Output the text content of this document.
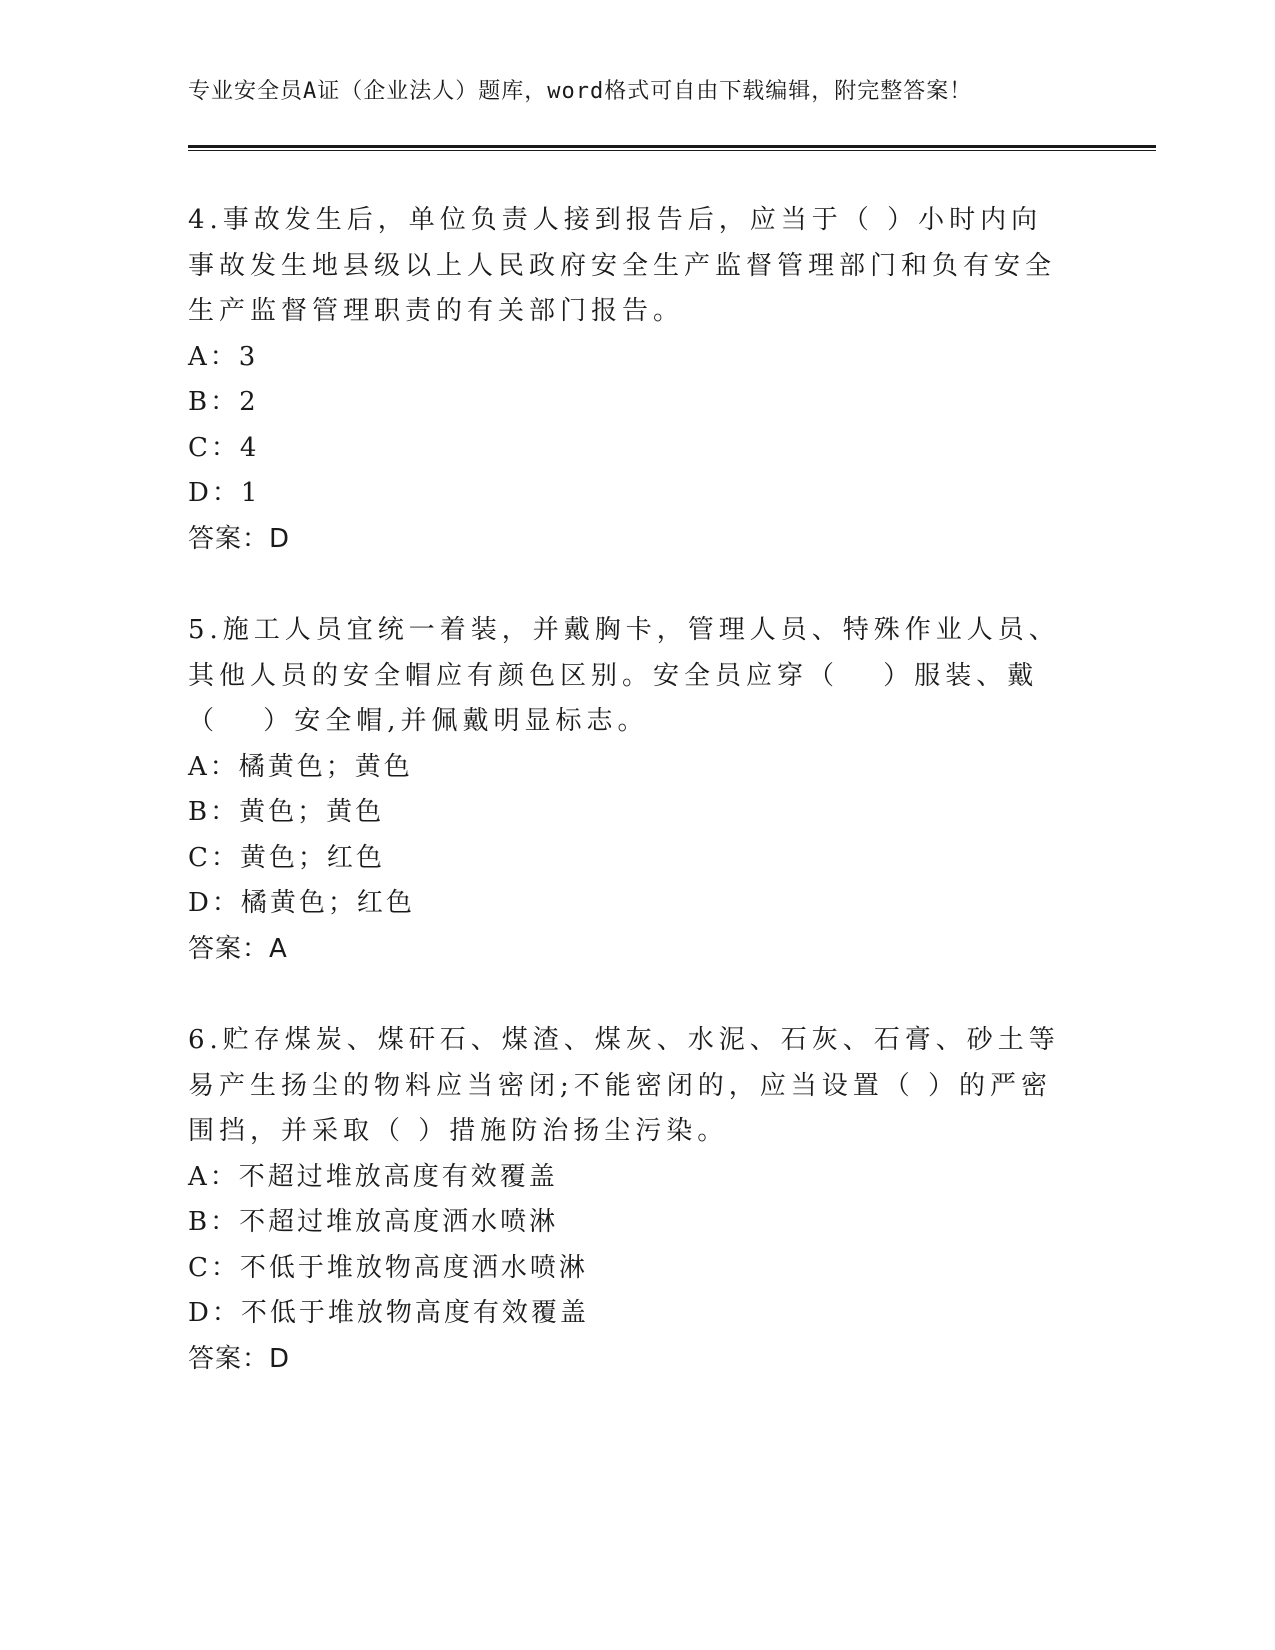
专业安全员A证（企业法人）题库，word格式可自由下载编辑，附完整答案！

4.事故发生后，单位负责人接到报告后，应当于（ ）小时内向事故发生地县级以上人民政府安全生产监督管理部门和负有安全生产监督管理职责的有关部门报告。

A：3

B：2

C：4

D：1

答案：D

5.施工人员宜统一着装，并戴胸卡，管理人员、特殊作业人员、其他人员的安全帽应有颜色区别。安全员应穿（　 ）服装、戴（　 ）安全帽,并佩戴明显标志。

A：橘黄色；黄色

B：黄色；黄色

C：黄色；红色

D：橘黄色；红色

答案：A

6.贮存煤炭、煤矸石、煤渣、煤灰、水泥、石灰、石膏、砂土等易产生扬尘的物料应当密闭;不能密闭的，应当设置（ ）的严密围挡，并采取（ ）措施防治扬尘污染。

A：不超过堆放高度有效覆盖

B：不超过堆放高度洒水喷淋

C：不低于堆放物高度洒水喷淋

D：不低于堆放物高度有效覆盖

答案：D
